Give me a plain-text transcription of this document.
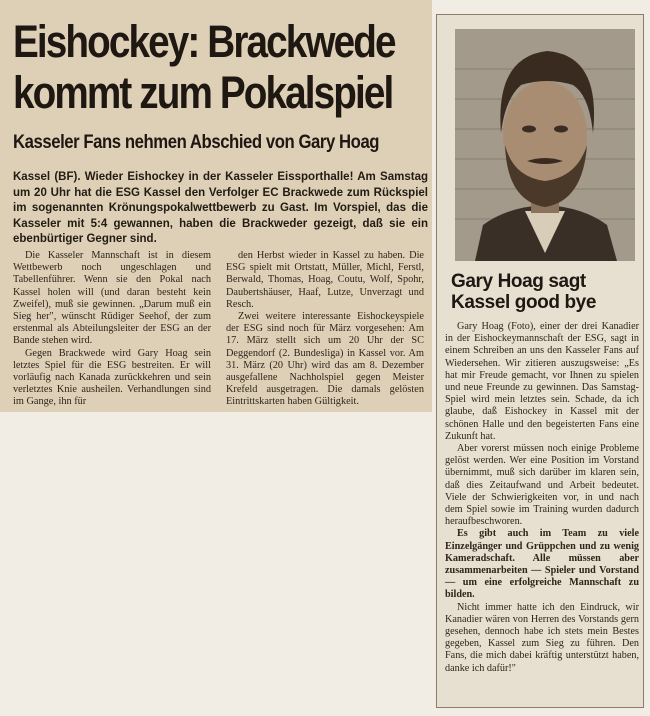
Eishockey: Brackwede
kommt zum Pokalspiel
Kasseler Fans nehmen Abschied von Gary Hoag
Kassel (BF). Wieder Eishockey in der Kasseler Eissporthalle! Am Samstag um 20 Uhr hat die ESG Kassel den Verfolger EC Brackwede zum Rückspiel im sogenannten Krönungspokalwettbewerb zu Gast. Im Vorspiel, das die Kasseler mit 5:4 gewannen, haben die Brackweder gezeigt, daß sie ein ebenbürtiger Gegner sind.

Die Kasseler Mannschaft ist in diesem Wettbewerb noch ungeschlagen und Tabellenführer. Wenn sie den Pokal nach Kassel holen will (und daran besteht kein Zweifel), muß sie gewinnen. „Darum muß ein Sieg her", wünscht Rüdiger Seehof, der zum erstenmal als Abteilungsleiter der ESG an der Bande stehen wird.

Gegen Brackwede wird Gary Hoag sein letztes Spiel für die ESG bestreiten. Er will vorläufig nach Kanada zurückkehren und sein verletztes Knie ausheilen. Verhandlungen sind im Gange, ihn für

den Herbst wieder in Kassel zu haben. Die ESG spielt mit Ortstatt, Müller, Michl, Ferstl, Berwald, Thomas, Hoag, Coutu, Wolf, Spohr, Daubertshäuser, Haaf, Lutze, Unverzagt und Resch.

Zwei weitere interessante Eishockeyspiele der ESG sind noch für März vorgesehen: Am 17. März stellt sich um 20 Uhr der SC Deggendorf (2. Bundesliga) in Kassel vor. Am 31. März (20 Uhr) wird das am 8. Dezember ausgefallene Nachholspiel gegen Meister Krefeld ausgetragen. Die damals gelösten Eintrittskarten haben Gültigkeit.

Gary Hoag sagt
Kassel good bye

Gary Hoag (Foto), einer der drei Kanadier in der Eishockeymannschaft der ESG, sagt in einem Schreiben an uns den Kasseler Fans auf Wiedersehen. Wir zitieren auszugsweise: „Es hat mir Freude gemacht, vor Ihnen zu spielen und neue Freunde zu gewinnen. Das Samstag-Spiel wird mein letztes sein. Schade, da ich glaube, daß Eishockey in Kassel mit der schönen Halle und den begeisterten Fans eine Zukunft hat.

Aber vorerst müssen noch einige Probleme gelöst werden. Wer eine Position im Vorstand übernimmt, muß sich darüber im klaren sein, daß dies Zeitaufwand und Arbeit bedeutet. Viele der Schwierigkeiten vor, in und nach dem Spiel sowie im Training wurden dadurch heraufbeschworen.

Es gibt auch im Team zu viele Einzelgänger und Grüppchen und zu wenig Kameradschaft. Alle müssen aber zusammenarbeiten — Spieler und Vorstand — um eine erfolgreiche Mannschaft zu bilden.

Nicht immer hatte ich den Eindruck, wir Kanadier wären von Herren des Vorstands gern gesehen, dennoch habe ich stets mein Bestes gegeben, Kassel zum Sieg zu führen. Den Fans, die mich dabei kräftig unterstützt haben, danke ich dafür!"
